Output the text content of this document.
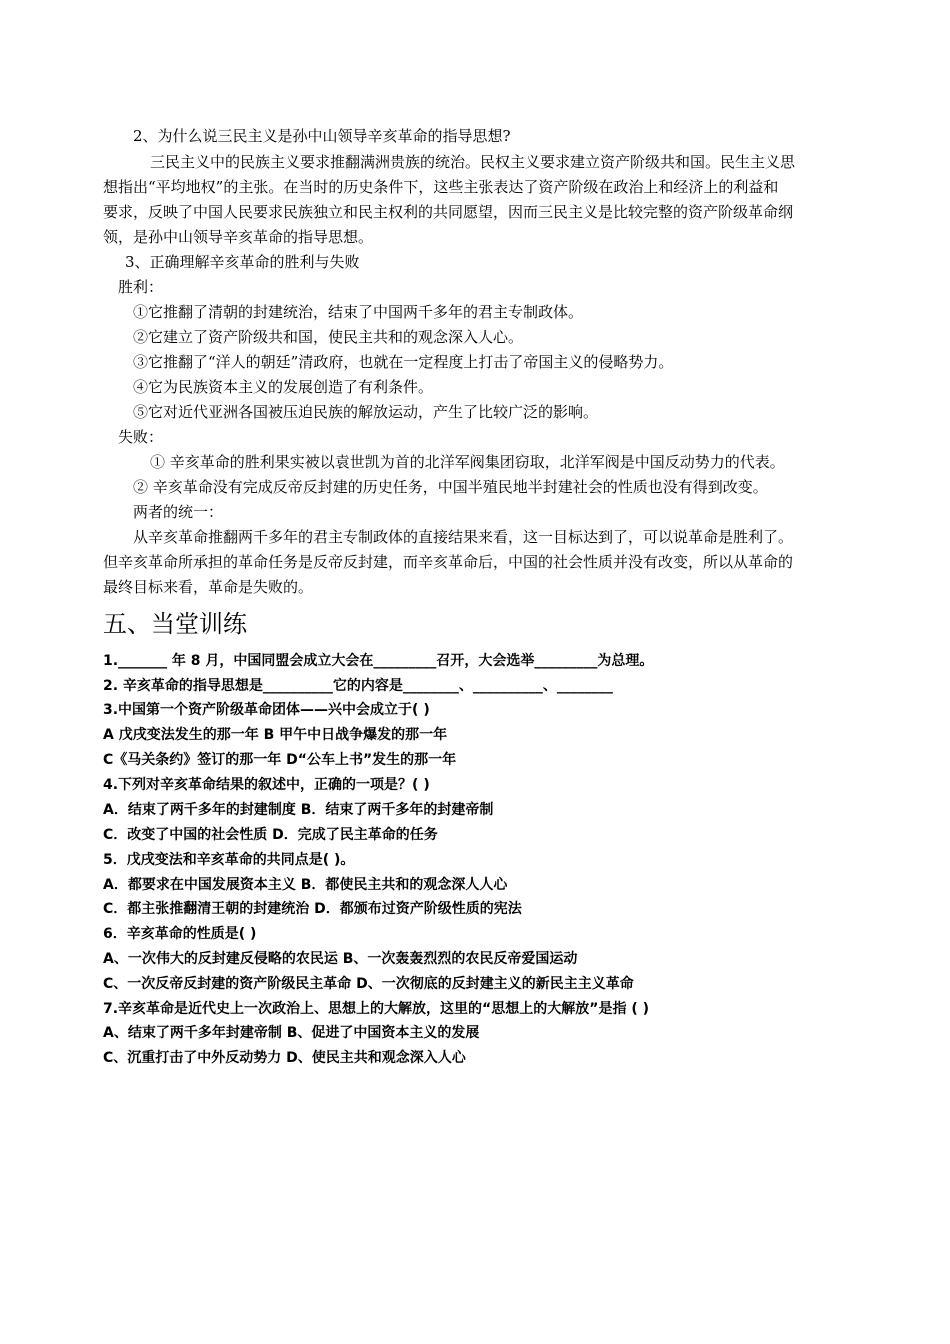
2、为什么说三民主义是孙中山领导辛亥革命的指导思想?
三民主义中的民族主义要求推翻满洲贵族的统治。民权主义要求建立资产阶级共和国。民生主义思
想指出“平均地权”的主张。在当时的历史条件下，这些主张表达了资产阶级在政治上和经济上的利益和
要求，反映了中国人民要求民族独立和民主权利的共同愿望，因而三民主义是比较完整的资产阶级革命纲
领，是孙中山领导辛亥革命的指导思想。
3、正确理解辛亥革命的胜利与失败
胜利：
①它推翻了清朝的封建统治，结束了中国两千多年的君主专制政体。
②它建立了资产阶级共和国，使民主共和的观念深入人心。
③它推翻了“洋人的朝廷”清政府，也就在一定程度上打击了帝国主义的侵略势力。
④它为民族资本主义的发展创造了有利条件。
⑤它对近代亚洲各国被压迫民族的解放运动，产生了比较广泛的影响。
失败：
① 辛亥革命的胜利果实被以袁世凯为首的北洋军阀集团窃取，北洋军阀是中国反动势力的代表。
② 辛亥革命没有完成反帝反封建的历史任务，中国半殖民地半封建社会的性质也没有得到改变。
两者的统一：
从辛亥革命推翻两千多年的君主专制政体的直接结果来看，这一目标达到了，可以说革命是胜利了。
但辛亥革命所承担的革命任务是反帝反封建，而辛亥革命后，中国的社会性质并没有改变，所以从革命的
最终目标来看，革命是失败的。
五、当堂训练
1._______ 年 8 月，中国同盟会成立大会在_________召开，大会选举_________为总理。
2. 辛亥革命的指导思想是__________它的内容是________、__________、________
3.中国第一个资产阶级革命团体——兴中会成立于( )
A 戊戌变法发生的那一年 B 甲午中日战争爆发的那一年
C《马关条约》签订的那一年 D“公车上书”发生的那一年
4.下列对辛亥革命结果的叙述中，正确的一项是？( )
A．结束了两千多年的封建制度 B．结束了两千多年的封建帝制
C．改变了中国的社会性质 D．完成了民主革命的任务
5．戊戌变法和辛亥革命的共同点是( )。
A．都要求在中国发展资本主义 B．都使民主共和的观念深人人心
C．都主张推翻清王朝的封建统治 D．都颁布过资产阶级性质的宪法
6．辛亥革命的性质是( )
A、一次伟大的反封建反侵略的农民运 B、一次轰轰烈烈的农民反帝爱国运动
C、一次反帝反封建的资产阶级民主革命 D、一次彻底的反封建主义的新民主主义革命
7.辛亥革命是近代史上一次政治上、思想上的大解放，这里的“思想上的大解放”是指 ( )
A、结束了两千多年封建帝制 B、促进了中国资本主义的发展
C、沉重打击了中外反动势力 D、使民主共和观念深入人心
